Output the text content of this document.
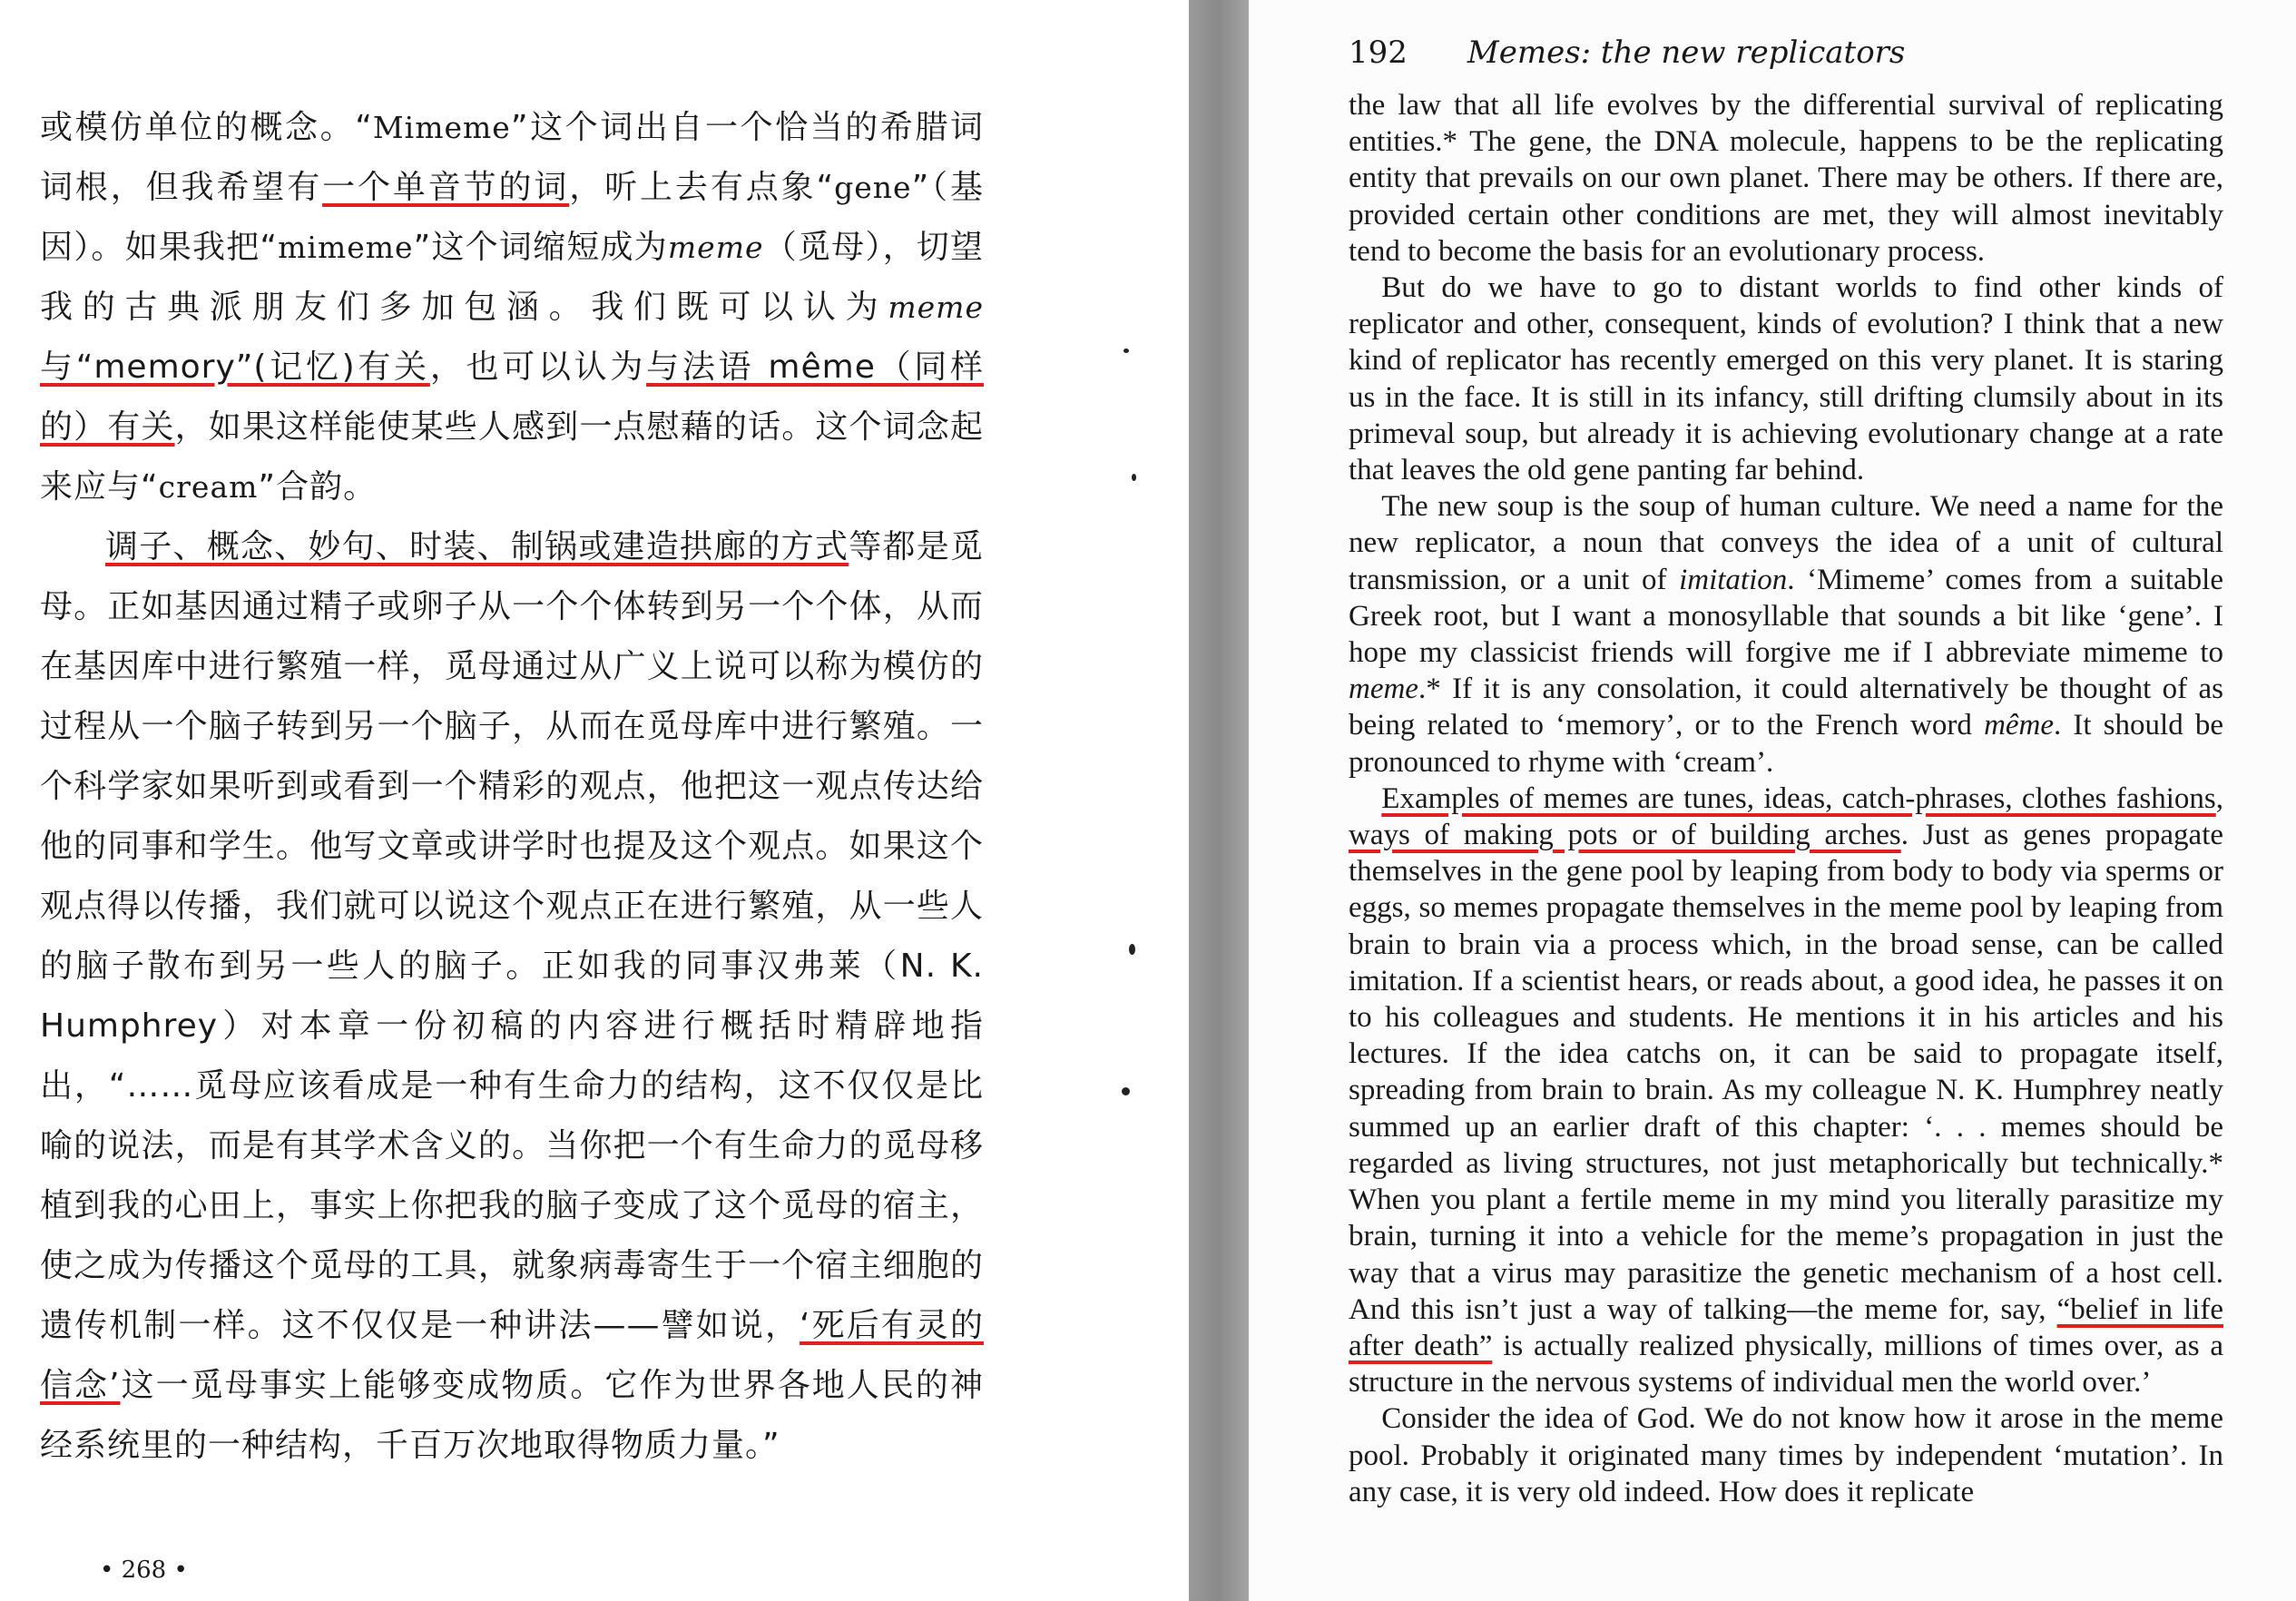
或模仿单位的概念。“Mimeme”这个词出自一个恰当的希腊词词根，但我希望有一个单音节的词，听上去有点象“gene”（基因）。如果我把“mimeme”这个词缩短成为meme（觅母），切望我的古典派朋友们多加包涵。我们既可以认为meme 与“memory”(记忆)有关，也可以认为与法语 même（同样的）有关，如果这样能使某些人感到一点慰藉的话。这个词念起来应与“cream”合韵。

调子、概念、妙句、时装、制锅或建造拱廊的方式等都是觅母。正如基因通过精子或卵子从一个个体转到另一个个体，从而在基因库中进行繁殖一样，觅母通过从广义上说可以称为模仿的过程从一个脑子转到另一个脑子，从而在觅母库中进行繁殖。一个科学家如果听到或看到一个精彩的观点，他把这一观点传达给他的同事和学生。他写文章或讲学时也提及这个观点。如果这个观点得以传播，我们就可以说这个观点正在进行繁殖，从一些人的脑子散布到另一些人的脑子。正如我的同事汉弗莱（N. K. Humphrey）对本章一份初稿的内容进行概括时精辟地指出，“……觅母应该看成是一种有生命力的结构，这不仅仅是比喻的说法，而是有其学术含义的。当你把一个有生命力的觅母移植到我的心田上，事实上你把我的脑子变成了这个觅母的宿主，使之成为传播这个觅母的工具，就象病毒寄生于一个宿主细胞的遗传机制一样。这不仅仅是一种讲法——譬如说，‘死后有灵的信念’这一觅母事实上能够变成物质。它作为世界各地人民的神经系统里的一种结构，千百万次地取得物质力量。”

• 268 •
192 Memes: the new replicators

the law that all life evolves by the differential survival of replicating entities.* The gene, the DNA molecule, happens to be the replicating entity that prevails on our own planet. There may be others. If there are, provided certain other conditions are met, they will almost inevitably tend to become the basis for an evolutionary process.

But do we have to go to distant worlds to find other kinds of replicator and other, consequent, kinds of evolution? I think that a new kind of replicator has recently emerged on this very planet. It is staring us in the face. It is still in its infancy, still drifting clumsily about in its primeval soup, but already it is achieving evolutionary change at a rate that leaves the old gene panting far behind.

The new soup is the soup of human culture. We need a name for the new replicator, a noun that conveys the idea of a unit of cultural transmission, or a unit of imitation. ‘Mimeme’ comes from a suitable Greek root, but I want a monosyllable that sounds a bit like ‘gene’. I hope my classicist friends will forgive me if I abbreviate mimeme to meme.* If it is any consolation, it could alternatively be thought of as being related to ‘memory’, or to the French word même. It should be pronounced to rhyme with ‘cream’.

Examples of memes are tunes, ideas, catch-phrases, clothes fashions, ways of making pots or of building arches. Just as genes propagate themselves in the gene pool by leaping from body to body via sperms or eggs, so memes propagate themselves in the meme pool by leaping from brain to brain via a process which, in the broad sense, can be called imitation. If a scientist hears, or reads about, a good idea, he passes it on to his colleagues and students. He mentions it in his articles and his lectures. If the idea catchs on, it can be said to propagate itself, spreading from brain to brain. As my colleague N. K. Humphrey neatly summed up an earlier draft of this chapter: ‘. . . memes should be regarded as living structures, not just metaphorically but technically.* When you plant a fertile meme in my mind you literally parasitize my brain, turning it into a vehicle for the meme’s propagation in just the way that a virus may parasitize the genetic mechanism of a host cell. And this isn’t just a way of talking—the meme for, say, “belief in life after death” is actually realized physically, millions of times over, as a structure in the nervous systems of individual men the world over.’

Consider the idea of God. We do not know how it arose in the meme pool. Probably it originated many times by independent ‘mutation’. In any case, it is very old indeed. How does it replicate
